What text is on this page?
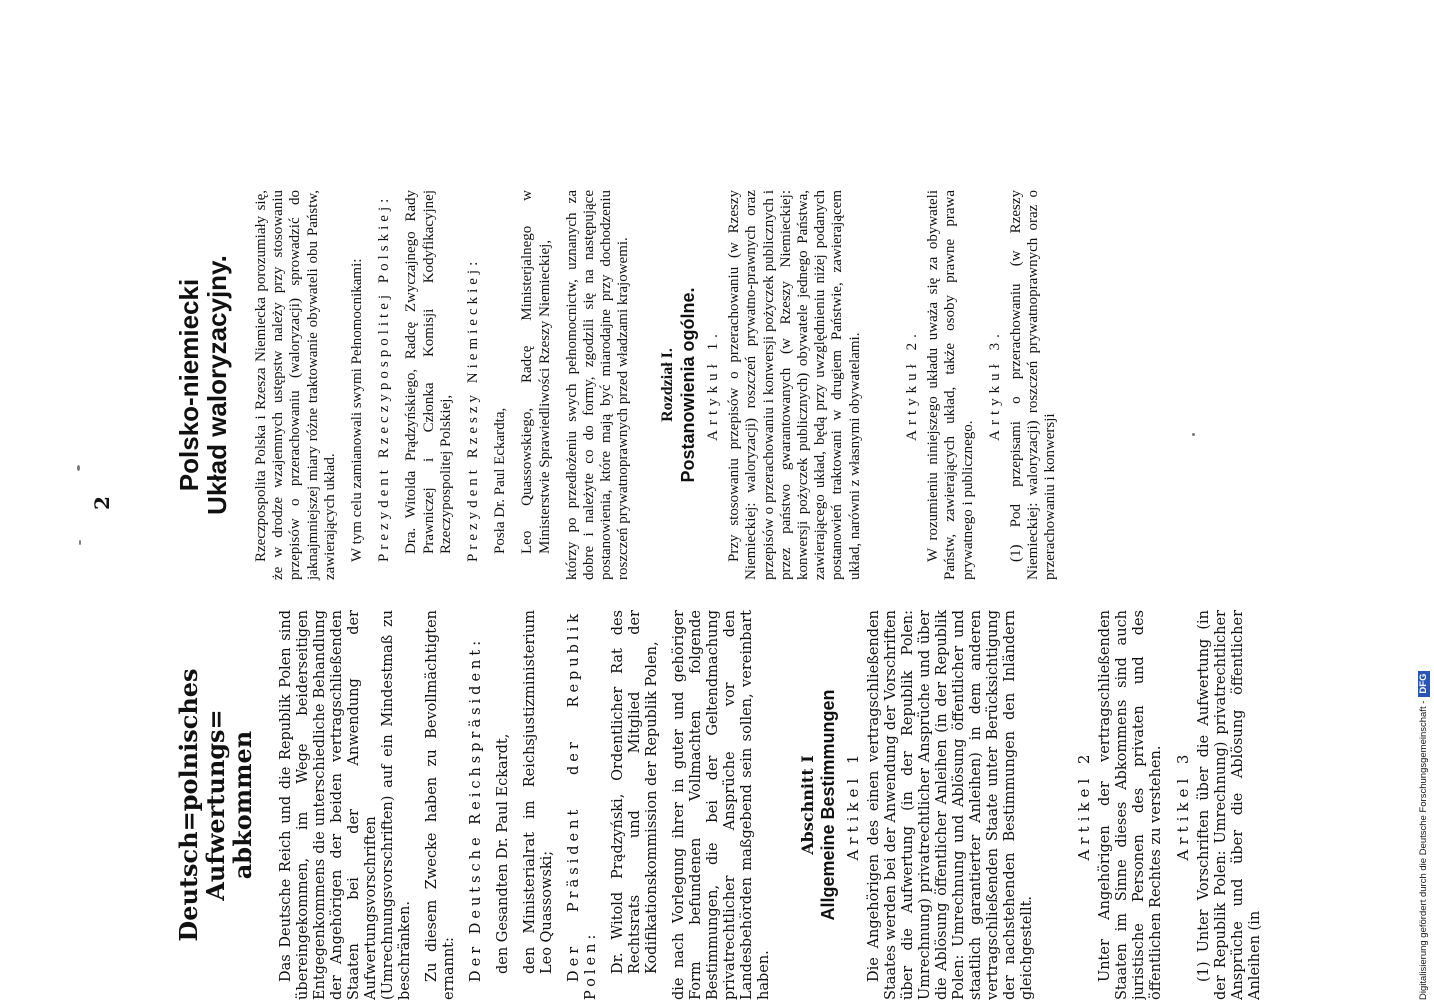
2
Deutsch=polnisches Aufwertungs=
abkommen Das Deutsche Reich und die Republik Polen sind übereingekommen, im Wege beiderseitigen Entgegenkommens die unterschiedliche Behandlung der Angehörigen der beiden vertragschließenden Staaten bei der Anwendung der Aufwertungsvorschriften (Umrechnungsvorschriften) auf ein Mindestmaß zu beschränken. Zu diesem Zwecke haben zu Bevollmächtigten ernannt: Der Deutsche Reichspräsident: den Gesandten Dr. Paul Eckardt, den Ministerialrat im Reichsjustizministerium Leo Quassowski; Der Präsident der Republik Polen: Dr. Witold Prądzyński, Ordentlicher Rat des Rechtsrats und Mitglied der Kodifikationskommission der Republik Polen, die nach Vorlegung ihrer in guter und gehöriger Form befundenen Vollmachten folgende Bestimmungen, die bei der Geltendmachung privatrechtlicher Ansprüche vor den Landesbehörden maßgebend sein sollen, vereinbart haben.

Abschnitt I Allgemeine Bestimmungen Artikel 1 Die Angehörigen des einen vertragschließenden Staates werden bei der Anwendung der Vorschriften über die Aufwertung (in der Republik Polen: Umrechnung) privatrechtlicher Ansprüche und über die Ablösung öffentlicher Anleihen (in der Republik Polen: Umrechnung und Ablösung öffentlicher und staatlich garantierter Anleihen) in dem anderen vertragschließenden Staate unter Berücksichtigung der nachstehenden Bestimmungen den Inländern gleichgestellt.

Artikel 2 Unter Angehörigen der vertragschließenden Staaten im Sinne dieses Abkommens sind auch juristische Personen des privaten und des öffentlichen Rechtes zu verstehen. Artikel 3 (1) Unter Vorschriften über die Aufwertung (in der Republik Polen: Umrechnung) privatrechtlicher Ansprüche und über die Ablösung öffentlicher Anleihen (in

Polsko-niemiecki
Układ waloryzacyjny. Rzeczpospolita Polska i Rzesza Niemiecka porozumiały się, że w drodze wzajemnych ustępstw należy przy stosowaniu przepisów o przerachowaniu (waloryzacji) sprowadzić do jaknajmniejszej miary różne traktowanie obywateli obu Państw, zawierających układ. W tym celu zamianowali swymi Pełnomocnikami: Prezydent Rzeczypospolitej Polskiej: Dra. Witolda Prądzyńskiego, Radcę Zwyczajnego Rady Prawniczej i Członka Komisji Kodyfikacyjnej Rzeczypospolitej Polskiej, Prezydent Rzeszy Niemieckiej: Posła Dr. Paul Eckardta, Leo Quassowskiego, Radcę Ministerjalnego w Ministerstwie Sprawiedliwości Rzeszy Niemieckiej, którzy po przedłożeniu swych pełnomocnictw, uznanych za dobre i należyte co do formy, zgodzili się na następujące postanowienia, które mają być miarodajne przy dochodzeniu roszczeń prywatnoprawnych przed władzami krajowemi. Rozdział I. Postanowienia ogólne. Artykuł 1. Przy stosowaniu przepisów o przerachowaniu (w Rzeszy Niemieckiej: waloryzacji) roszczeń prywatno-prawnych oraz przepisów o przerachowaniu i konwersji pożyczek publicznych i przez państwo gwarantowanych (w Rzeszy Niemieckiej: konwersji pożyczek publicznych) obywatele jednego Państwa, zawierającego układ, będą przy uwzględnieniu niżej podanych postanowień traktowani w drugiem Państwie, zawierającem układ, narówni z własnymi obywatelami.	Artykuł 2. W rozumieniu niniejszego układu uważa się za obywateli Państw, zawierających układ, także osoby prawne prawa prywatnego i publicznego.

Artykuł 3. (1) Pod przepisami o przerachowaniu (w Rzeszy Niemieckiej: waloryzacji) roszczeń prywatnoprawnych oraz o przerachowaniu i konwersji

Digitalisierung gefördert durch die Deutsche Forschungsgemeinschaft -DFG
